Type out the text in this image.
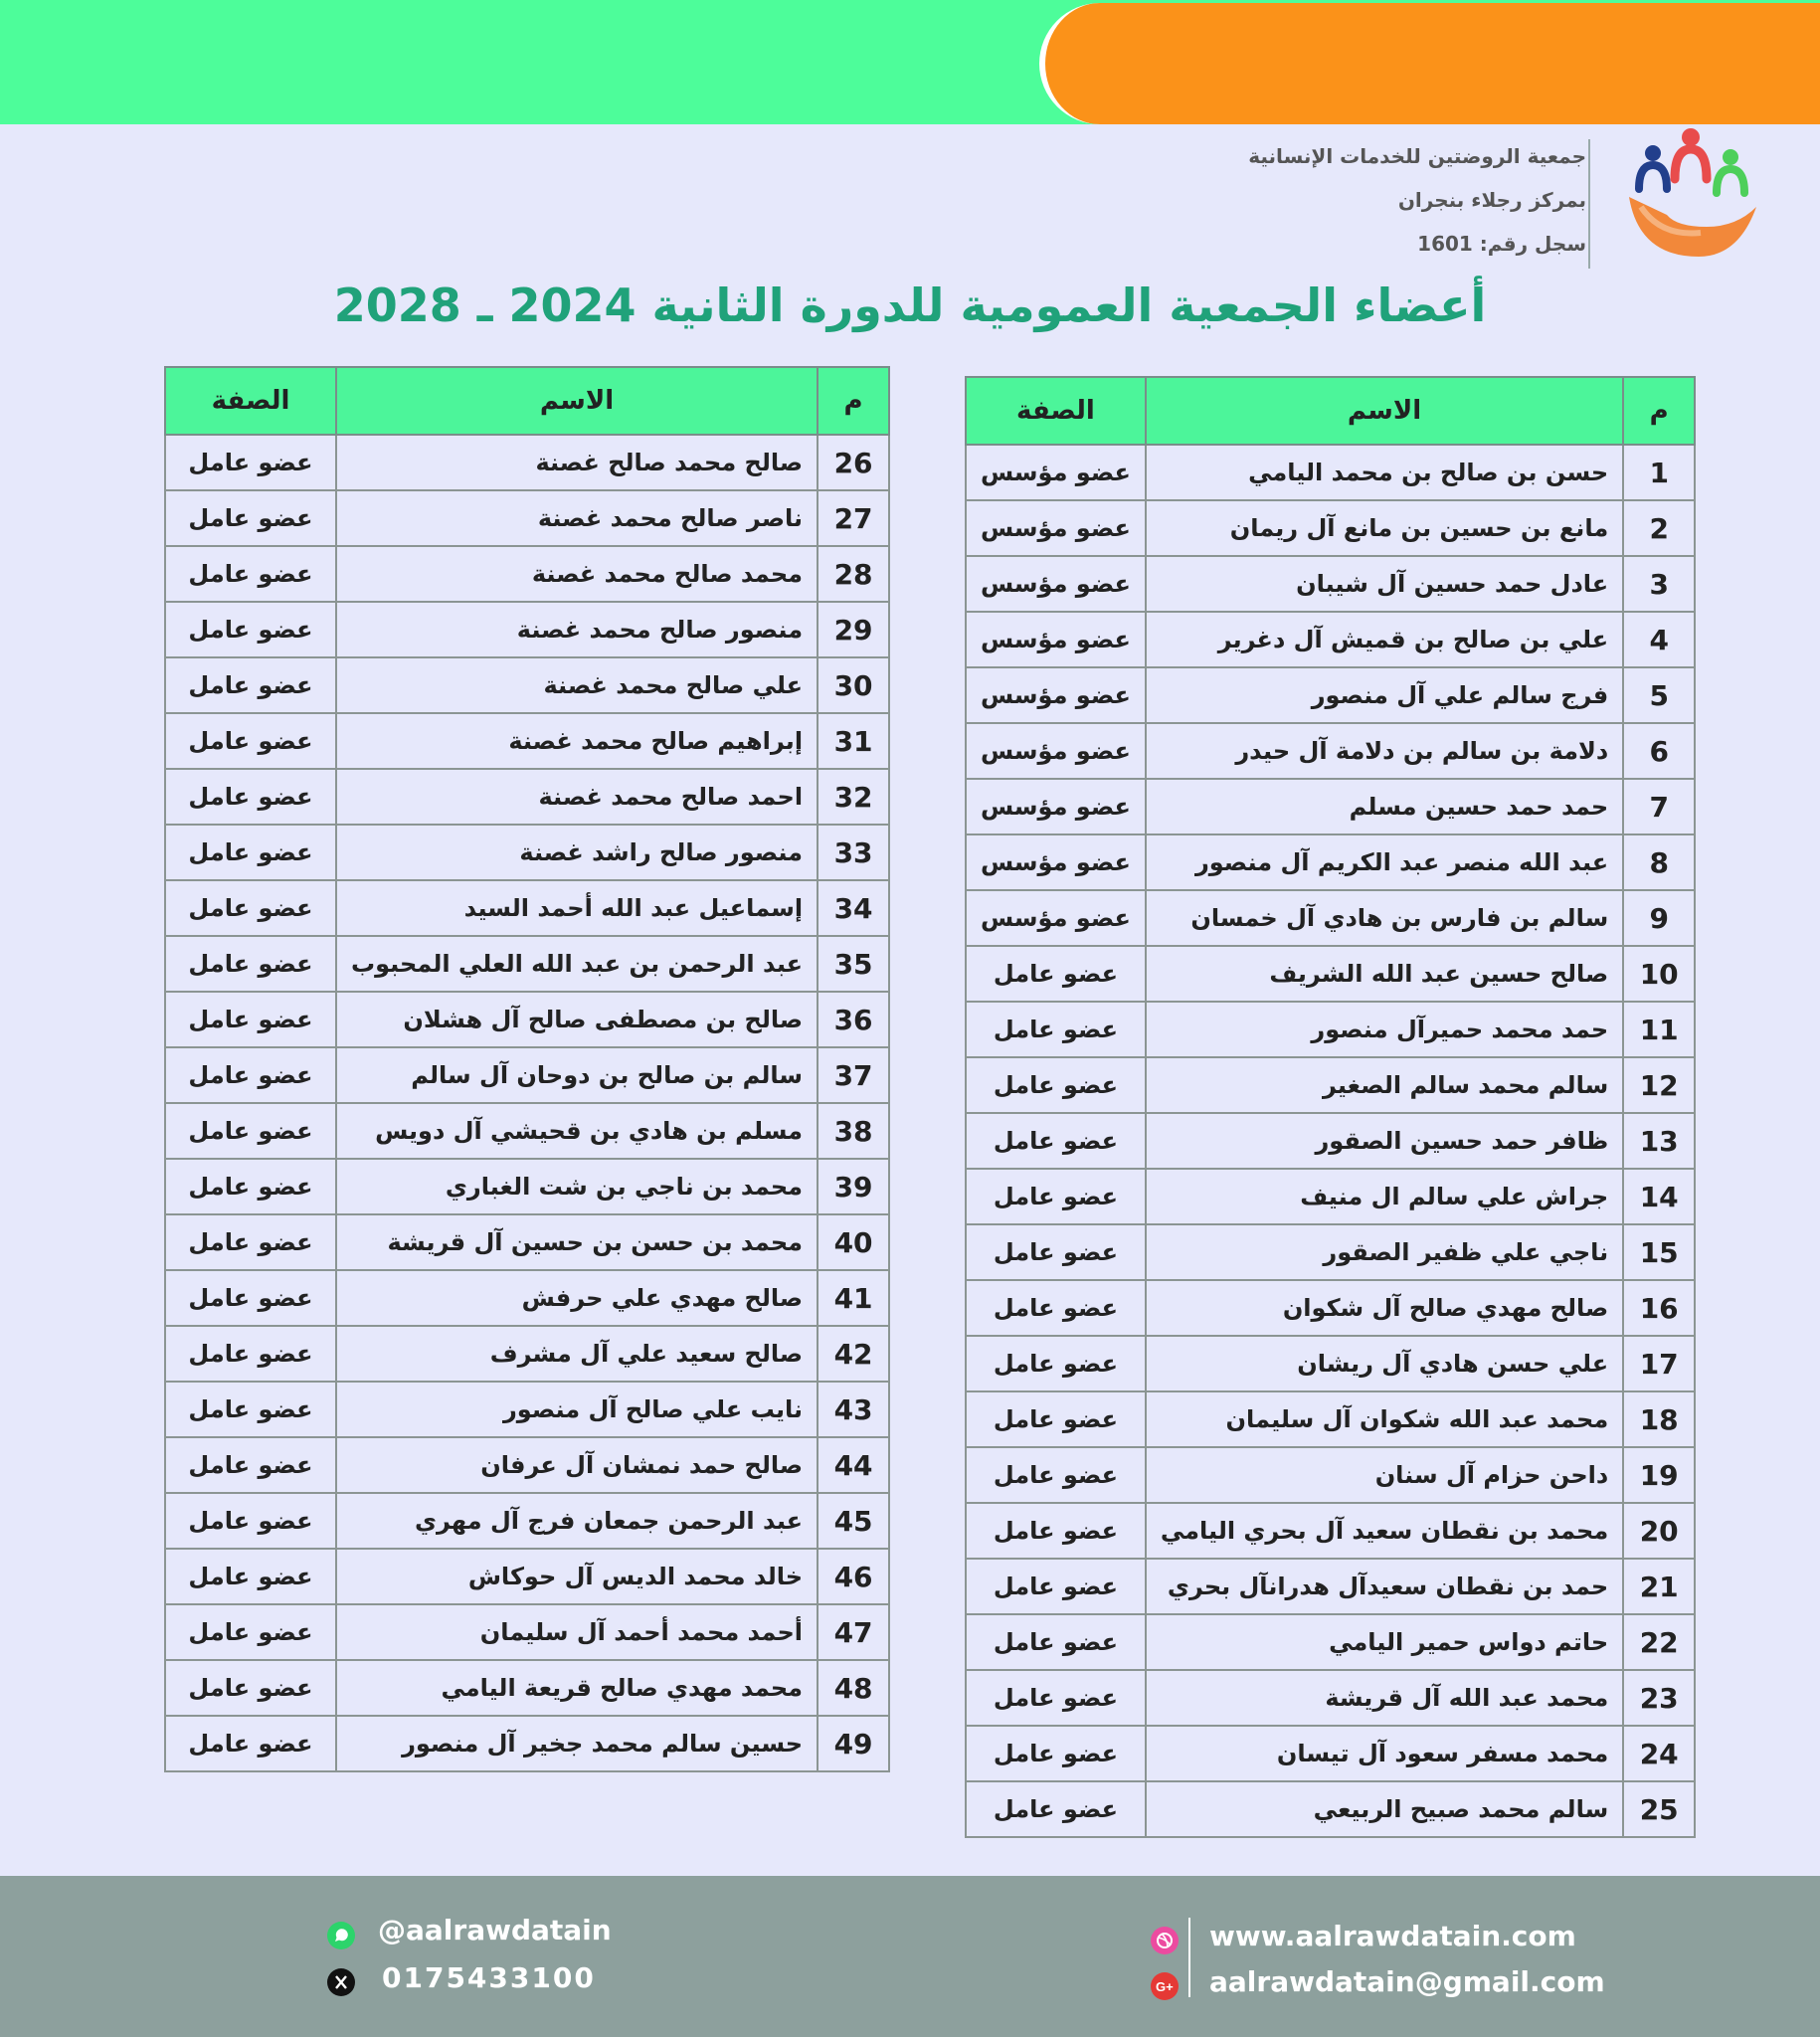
جمعية الروضتين للخدمات الإنسانية
بمركز رجلاء بنجران
سجل رقم: 1601
أعضاء الجمعية العمومية للدورة الثانية 2024 ـ 2028
م	الاسم	الصفة
1	حسن بن صالح بن محمد اليامي	عضو مؤسس
2	مانع بن حسين بن مانع آل ريمان	عضو مؤسس
3	عادل حمد حسين آل شيبان	عضو مؤسس
4	علي بن صالح بن قميش آل دغرير	عضو مؤسس
5	فرج سالم علي آل منصور	عضو مؤسس
6	دلامة بن سالم بن دلامة آل حيدر	عضو مؤسس
7	حمد حمد حسين مسلم	عضو مؤسس
8	عبد الله منصر عبد الكريم آل منصور	عضو مؤسس
9	سالم بن فارس بن هادي آل خمسان	عضو مؤسس
10	صالح حسين عبد الله الشريف	عضو عامل
11	حمد محمد حميرآل منصور	عضو عامل
12	سالم محمد سالم الصغير	عضو عامل
13	ظافر حمد حسين الصقور	عضو عامل
14	جراش علي سالم ال منيف	عضو عامل
15	ناجي علي ظفير الصقور	عضو عامل
16	صالح مهدي صالح آل شكوان	عضو عامل
17	علي حسن هادي آل ريشان	عضو عامل
18	محمد عبد الله شكوان آل سليمان	عضو عامل
19	داحن حزام آل سنان	عضو عامل
20	محمد بن نقطان سعيد آل بحري اليامي	عضو عامل
21	حمد بن نقطان سعيدآل هدرانآل بحري	عضو عامل
22	حاتم دواس حمير اليامي	عضو عامل
23	محمد عبد الله آل قريشة	عضو عامل
24	محمد مسفر سعود آل تيسان	عضو عامل
25	سالم محمد صبيح الربيعي	عضو عامل
م	الاسم	الصفة
26	صالح محمد صالح غصنة	عضو عامل
27	ناصر صالح محمد غصنة	عضو عامل
28	محمد صالح محمد غصنة	عضو عامل
29	منصور صالح محمد غصنة	عضو عامل
30	علي صالح محمد غصنة	عضو عامل
31	إبراهيم صالح محمد غصنة	عضو عامل
32	احمد صالح محمد غصنة	عضو عامل
33	منصور صالح راشد غصنة	عضو عامل
34	إسماعيل عبد الله أحمد السيد	عضو عامل
35	عبد الرحمن بن عبد الله العلي المحبوب	عضو عامل
36	صالح بن مصطفى صالح آل هشلان	عضو عامل
37	سالم بن صالح بن دوحان آل سالم	عضو عامل
38	مسلم بن هادي بن قحيشي آل دويس	عضو عامل
39	محمد بن ناجي بن شت الغباري	عضو عامل
40	محمد بن حسن بن حسين آل قريشة	عضو عامل
41	صالح مهدي علي حرفش	عضو عامل
42	صالح سعيد علي آل مشرف	عضو عامل
43	نايب علي صالح آل منصور	عضو عامل
44	صالح حمد نمشان آل عرفان	عضو عامل
45	عبد الرحمن جمعان فرج آل مهري	عضو عامل
46	خالد محمد الديس آل حوكاش	عضو عامل
47	أحمد محمد أحمد آل سليمان	عضو عامل
48	محمد مهدي صالح قريعة اليامي	عضو عامل
49	حسين سالم محمد جخير آل منصور	عضو عامل
@aalrawdatain
0175433100
www.aalrawdatain.com
G+ aalrawdatain@gmail.com
